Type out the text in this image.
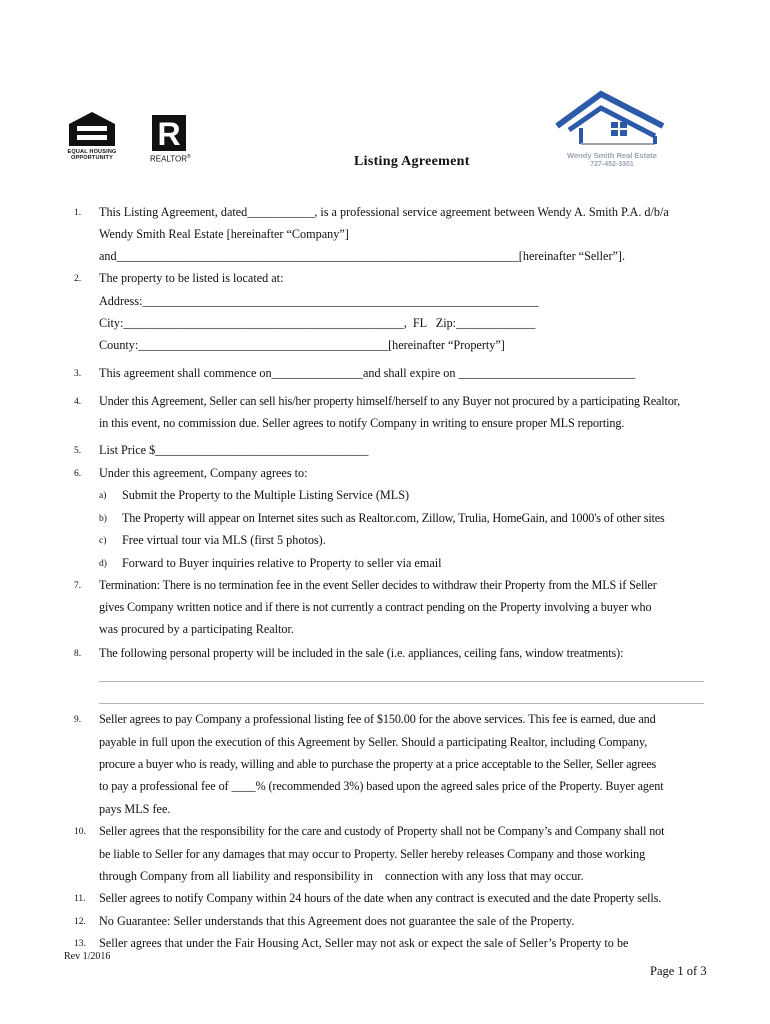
EQUAL HOUSING
OPPORTUNITY
R
REALTOR®	Listing Agreement	Wendy Smith Real Estate
727-452-3301
1. This Listing Agreement, dated___________, is a professional service agreement between Wendy A. Smith P.A. d/b/a
Wendy Smith Real Estate [hereinafter “Company”]
and__________________________________________________________________[hereinafter “Seller”].
2. The property to be listed is located at:
Address:_________________________________________________________________
City:______________________________________________,  FL   Zip:_____________
County:_________________________________________[hereinafter “Property”]
3. This agreement shall commence on_______________and shall expire on _____________________________
4. Under this Agreement, Seller can sell his/her property himself/herself to any Buyer not procured by a participating Realtor,
in this event, no commission due. Seller agrees to notify Company in writing to ensure proper MLS reporting.
5. List Price $___________________________________
6. Under this agreement, Company agrees to:
a) Submit the Property to the Multiple Listing Service (MLS)
b) The Property will appear on Internet sites such as Realtor.com, Zillow, Trulia, HomeGain, and 1000's of other sites
c) Free virtual tour via MLS (first 5 photos).
d) Forward to Buyer inquiries relative to Property to seller via email
7. Termination: There is no termination fee in the event Seller decides to withdraw their Property from the MLS if Seller
gives Company written notice and if there is not currently a contract pending on the Property involving a buyer who
was procured by a participating Realtor.
8. The following personal property will be included in the sale (i.e. appliances, ceiling fans, window treatments):
9. Seller agrees to pay Company a professional listing fee of $150.00 for the above services. This fee is earned, due and
payable in full upon the execution of this Agreement by Seller. Should a participating Realtor, including Company,
procure a buyer who is ready, willing and able to purchase the property at a price acceptable to the Seller, Seller agrees
to pay a professional fee of ____% (recommended 3%) based upon the agreed sales price of the Property. Buyer agent
pays MLS fee.
10. Seller agrees that the responsibility for the care and custody of Property shall not be Company’s and Company shall not
be liable to Seller for any damages that may occur to Property. Seller hereby releases Company and those working
through Company from all liability and responsibility in    connection with any loss that may occur.
11. Seller agrees to notify Company within 24 hours of the date when any contract is executed and the date Property sells.
12. No Guarantee: Seller understands that this Agreement does not guarantee the sale of the Property.
13. Seller agrees that under the Fair Housing Act, Seller may not ask or expect the sale of Seller’s Property to be
Rev 1/2016
Page 1 of 3
